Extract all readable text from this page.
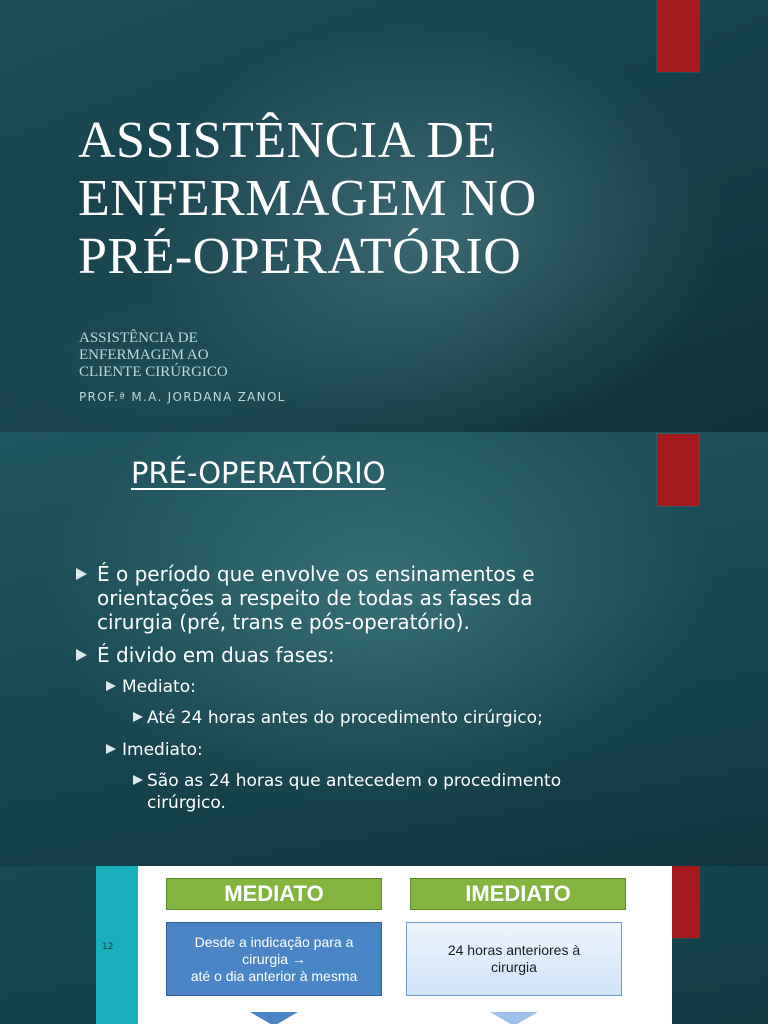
ASSISTÊNCIA DE
ENFERMAGEM NO
PRÉ-OPERATÓRIO

ASSISTÊNCIA DE
ENFERMAGEM AO
CLIENTE CIRÚRGICO

PROF.ª M.A. JORDANA ZANOL

PRÉ-OPERATÓRIO
É o período que envolve os ensinamentos e
orientações a respeito de todas as fases da
cirurgia (pré, trans e pós-operatório).
É divido em duas fases:
Mediato:
Até 24 horas antes do procedimento cirúrgico;
Imediato:
São as 24 horas que antecedem o procedimento
cirúrgico.
12
MEDIATO	IMEDIATO
Desde a indicação para a
cirurgia →
até o dia anterior à mesma
24 horas anteriores à
cirurgia
